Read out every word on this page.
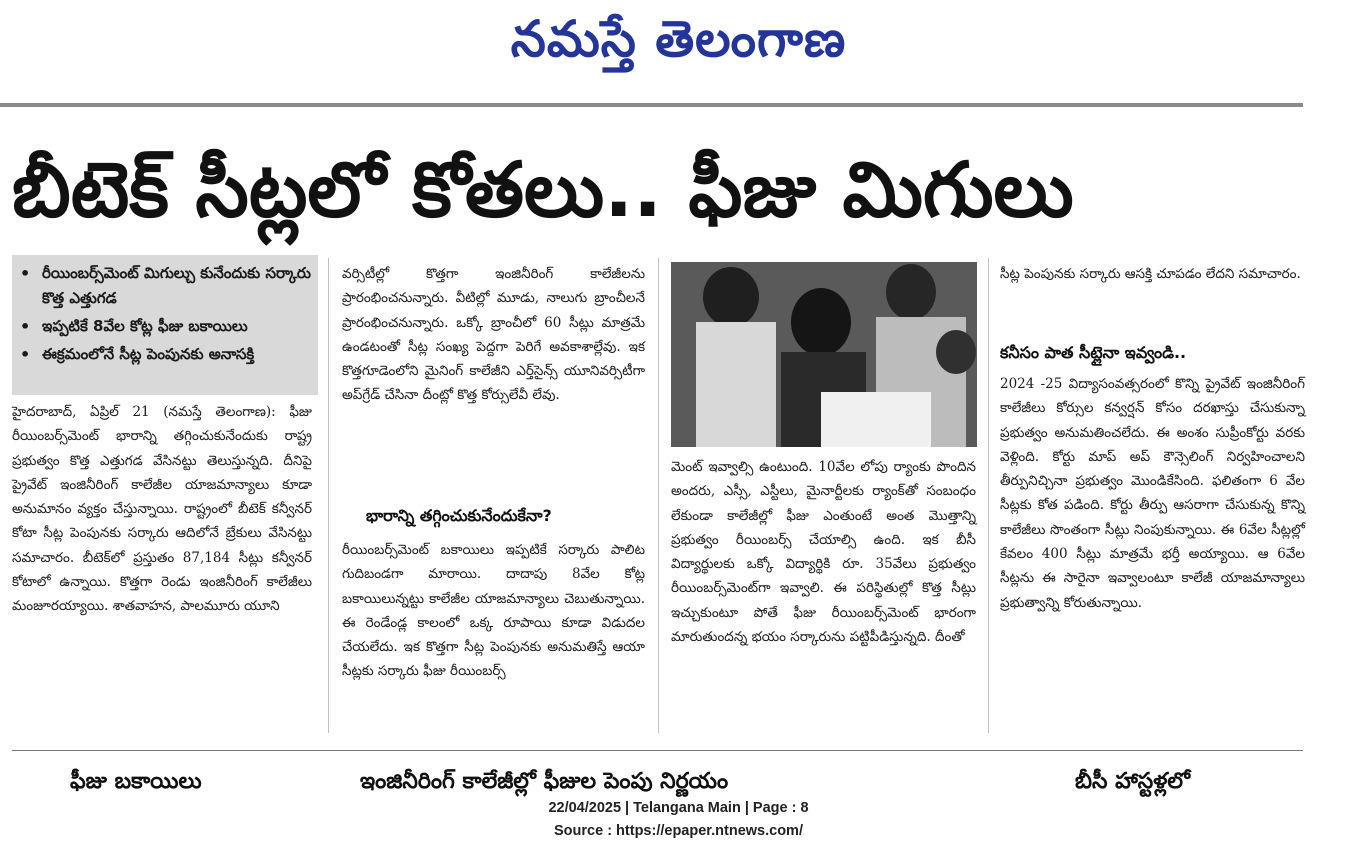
నమస్తే తెలంగాణ
బీటెక్ సీట్లలో కోతలు.. ఫీజు మిగులు
• రీయింబర్స్‌మెంట్ మిగుల్చు కునేందుకు సర్కారు కొత్త ఎత్తుగడ
• ఇప్పటికే 8వేల కోట్ల ఫీజు బకాయిలు
• ఈక్రమంలోనే సీట్ల పెంపునకు అనాసక్తి

హైదరాబాద్, ఏప్రిల్ 21 (నమస్తే తెలంగాణ): ఫీజు రీయింబర్స్‌మెంట్ భారాన్ని తగ్గించుకునేందుకు రాష్ట్ర ప్రభుత్వం కొత్త ఎత్తుగడ వేసినట్టు తెలుస్తున్నది. దీనిపై ప్రైవేట్ ఇంజినీరింగ్ కాలేజీల యాజమాన్యాలు కూడా అనుమానం వ్యక్తం చేస్తున్నాయి. రాష్ట్రంలో బీటెక్ కన్వీనర్ కోటా సీట్ల పెంపునకు సర్కారు ఆదిలోనే బ్రేకులు వేసినట్టు సమాచారం. బీటెక్‌లో ప్రస్తుతం 87,184 సీట్లు కన్వీనర్ కోటాలో ఉన్నాయి. కొత్తగా రెండు ఇంజినీరింగ్ కాలేజీలు మంజూరయ్యాయి. శాతవాహన, పాలమూరు యూని

వర్సిటీల్లో కొత్తగా ఇంజినీరింగ్ కాలేజీలను ప్రారంభించనున్నారు. వీటిల్లో మూడు, నాలుగు బ్రాంచీలనే ప్రారంభించనున్నారు. ఒక్కో బ్రాంచీలో 60 సీట్లు మాత్రమే ఉండటంతో సీట్ల సంఖ్య పెద్దగా పెరిగే అవకాశాల్లేవు. ఇక కొత్తగూడెంలోని మైనింగ్ కాలేజీని ఎర్త్‌సైన్స్ యూనివర్సిటీగా అప్‌గ్రేడ్ చేసినా దీంట్లో కొత్త కోర్సులేవీ లేవు.

భారాన్ని తగ్గించుకునేందుకేనా?

రీయింబర్స్‌మెంట్ బకాయిలు ఇప్పటికే సర్కారు పాలిట గుదిబండగా మారాయి. దాదాపు 8వేల కోట్ల బకాయిలున్నట్టు కాలేజీల యాజమాన్యాలు చెబుతున్నాయి. ఈ రెండేండ్ల కాలంలో ఒక్క రూపాయి కూడా విడుదల చేయలేదు. ఇక కొత్తగా సీట్ల పెంపునకు అనుమతిస్తే ఆయా సీట్లకు సర్కారు ఫీజు రీయింబర్స్

మెంట్ ఇవ్వాల్సి ఉంటుంది. 10వేల లోపు ర్యాంకు పొందిన అందరు, ఎస్సీ, ఎస్టీలు, మైనార్టీలకు ర్యాంక్‌తో సంబంధం లేకుండా కాలేజీల్లో ఫీజు ఎంతుంటే అంత మొత్తాన్ని ప్రభుత్వం రీయింబర్స్ చేయాల్సి ఉంది. ఇక బీసీ విద్యార్థులకు ఒక్కో విద్యార్థికి రూ. 35వేలు ప్రభుత్వం రీయింబర్స్‌మెంట్‌గా ఇవ్వాలి. ఈ పరిస్థితుల్లో కొత్త సీట్లు ఇచ్చుకుంటూ పోతే ఫీజు రీయింబర్స్‌మెంట్ భారంగా మారుతుందన్న భయం సర్కారును పట్టిపీడిస్తున్నది. దీంతో

సీట్ల పెంపునకు సర్కారు ఆసక్తి చూపడం లేదని సమాచారం.

కనీసం పాత సీట్లైనా ఇవ్వండి..

2024 -25 విద్యాసంవత్సరంలో కొన్ని ప్రైవేట్ ఇంజినీరింగ్ కాలేజీలు కోర్సుల కన్వర్షన్ కోసం దరఖాస్తు చేసుకున్నా ప్రభుత్వం అనుమతించలేదు. ఈ అంశం సుప్రీంకోర్టు వరకు వెళ్లింది. కోర్టు మాప్ అప్ కౌన్సెలింగ్ నిర్వహించాలని తీర్పునిచ్చినా ప్రభుత్వం మొండికేసింది. ఫలితంగా 6 వేల సీట్లకు కోత పడింది. కోర్టు తీర్పు ఆసరాగా చేసుకున్న కొన్ని కాలేజీలు సొంతంగా సీట్లు నింపుకున్నాయి. ఈ 6వేల సీట్లల్లో కేవలం 400 సీట్లు మాత్రమే భర్తీ అయ్యాయి. ఆ 6వేల సీట్లను ఈ సారైనా ఇవ్వాలంటూ కాలేజీ యాజమాన్యాలు ప్రభుత్వాన్ని కోరుతున్నాయి.

ఫీజు బకాయిలు	ఇంజినీరింగ్ కాలేజీల్లో ఫీజుల పెంపు నిర్ణయం	బీసీ హాస్టళ్లలో
22/04/2025 | Telangana Main | Page : 8
Source : https://epaper.ntnews.com/
